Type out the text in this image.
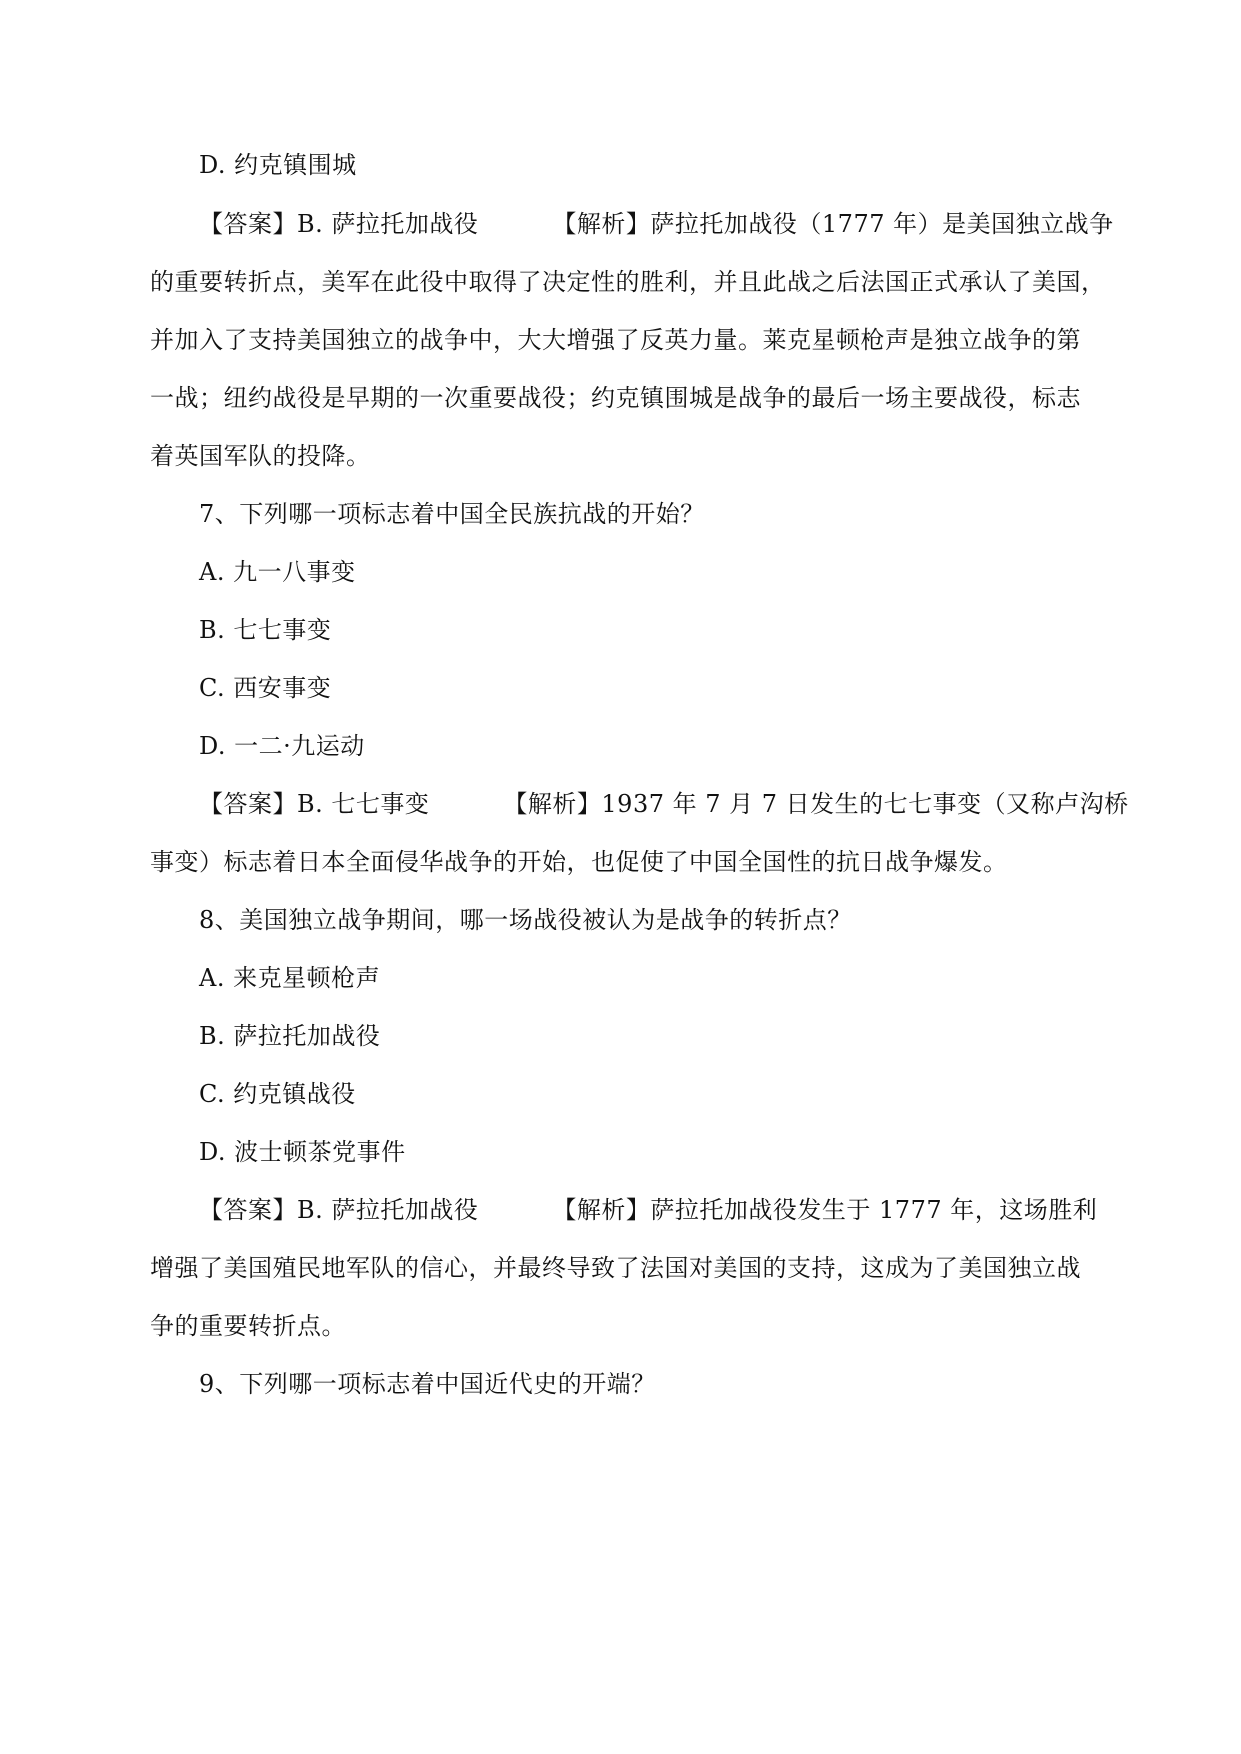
D. 约克镇围城
【答案】B. 萨拉托加战役	【解析】萨拉托加战役（1777 年）是美国独立战争
的重要转折点，美军在此役中取得了决定性的胜利，并且此战之后法国正式承认了美国，
并加入了支持美国独立的战争中，大大增强了反英力量。莱克星顿枪声是独立战争的第
一战；纽约战役是早期的一次重要战役；约克镇围城是战争的最后一场主要战役，标志
着英国军队的投降。
7、下列哪一项标志着中国全民族抗战的开始？
A. 九一八事变
B. 七七事变
C. 西安事变
D. 一二·九运动
【答案】B. 七七事变	【解析】1937 年 7 月 7 日发生的七七事变（又称卢沟桥
事变）标志着日本全面侵华战争的开始，也促使了中国全国性的抗日战争爆发。
8、美国独立战争期间，哪一场战役被认为是战争的转折点？
A. 来克星顿枪声
B. 萨拉托加战役
C. 约克镇战役
D. 波士顿茶党事件
【答案】B. 萨拉托加战役	【解析】萨拉托加战役发生于 1777 年，这场胜利
增强了美国殖民地军队的信心，并最终导致了法国对美国的支持，这成为了美国独立战
争的重要转折点。
9、下列哪一项标志着中国近代史的开端？
